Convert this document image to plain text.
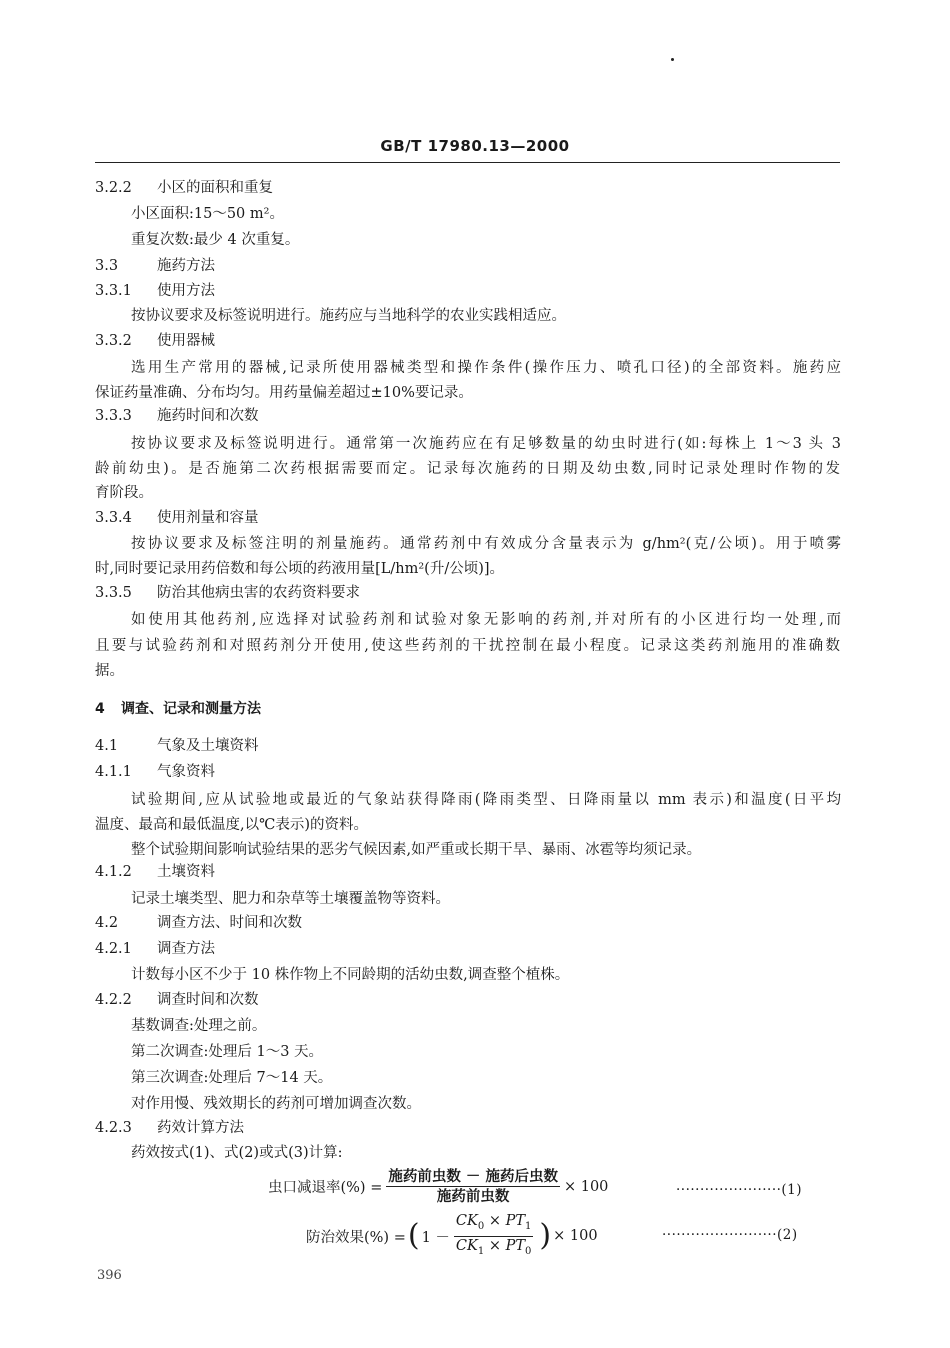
GB/T 17980.13—2000
3.2.2 小区的面积和重复
小区面积:15～50 m²。
重复次数:最少 4 次重复。
3.3	施药方法
3.3.1 使用方法
按协议要求及标签说明进行。施药应与当地科学的农业实践相适应。
3.3.2 使用器械
选用生产常用的器械,记录所使用器械类型和操作条件(操作压力、喷孔口径)的全部资料。施药应
保证药量准确、分布均匀。用药量偏差超过±10%要记录。
3.3.3 施药时间和次数
按协议要求及标签说明进行。通常第一次施药应在有足够数量的幼虫时进行(如:每株上 1～3 头 3
龄前幼虫)。是否施第二次药根据需要而定。记录每次施药的日期及幼虫数,同时记录处理时作物的发
育阶段。
3.3.4 使用剂量和容量
按协议要求及标签注明的剂量施药。通常药剂中有效成分含量表示为 g/hm²(克/公顷)。用于喷雾
时,同时要记录用药倍数和每公顷的药液用量[L/hm²(升/公顷)]。
3.3.5 防治其他病虫害的农药资料要求
如使用其他药剂,应选择对试验药剂和试验对象无影响的药剂,并对所有的小区进行均一处理,而
且要与试验药剂和对照药剂分开使用,使这些药剂的干扰控制在最小程度。记录这类药剂施用的准确数
据。
4 调查、记录和测量方法
4.1	气象及土壤资料
4.1.1 气象资料
试验期间,应从试验地或最近的气象站获得降雨(降雨类型、日降雨量以 mm 表示)和温度(日平均
温度、最高和最低温度,以℃表示)的资料。
整个试验期间影响试验结果的恶劣气候因素,如严重或长期干旱、暴雨、冰雹等均须记录。
4.1.2 土壤资料
记录土壤类型、肥力和杂草等土壤覆盖物等资料。
4.2	调查方法、时间和次数
4.2.1 调查方法
计数每小区不少于 10 株作物上不同龄期的活幼虫数,调查整个植株。
4.2.2 调查时间和次数
基数调查:处理之前。
第二次调查:处理后 1～3 天。
第三次调查:处理后 7～14 天。
对作用慢、残效期长的药剂可增加调查次数。
4.2.3 药效计算方法
药效按式(1)、式(2)或式(3)计算:
虫口减退率(%) = $\frac{\text{施药前虫数 － 施药后虫数}}{\text{施药前虫数}} \times 100$	······················(1)
防治效果(%) = ( $1 - \frac{CK_0 \times PT_1}{CK_1 \times PT_0}$ ) × 100	························(2)
396
